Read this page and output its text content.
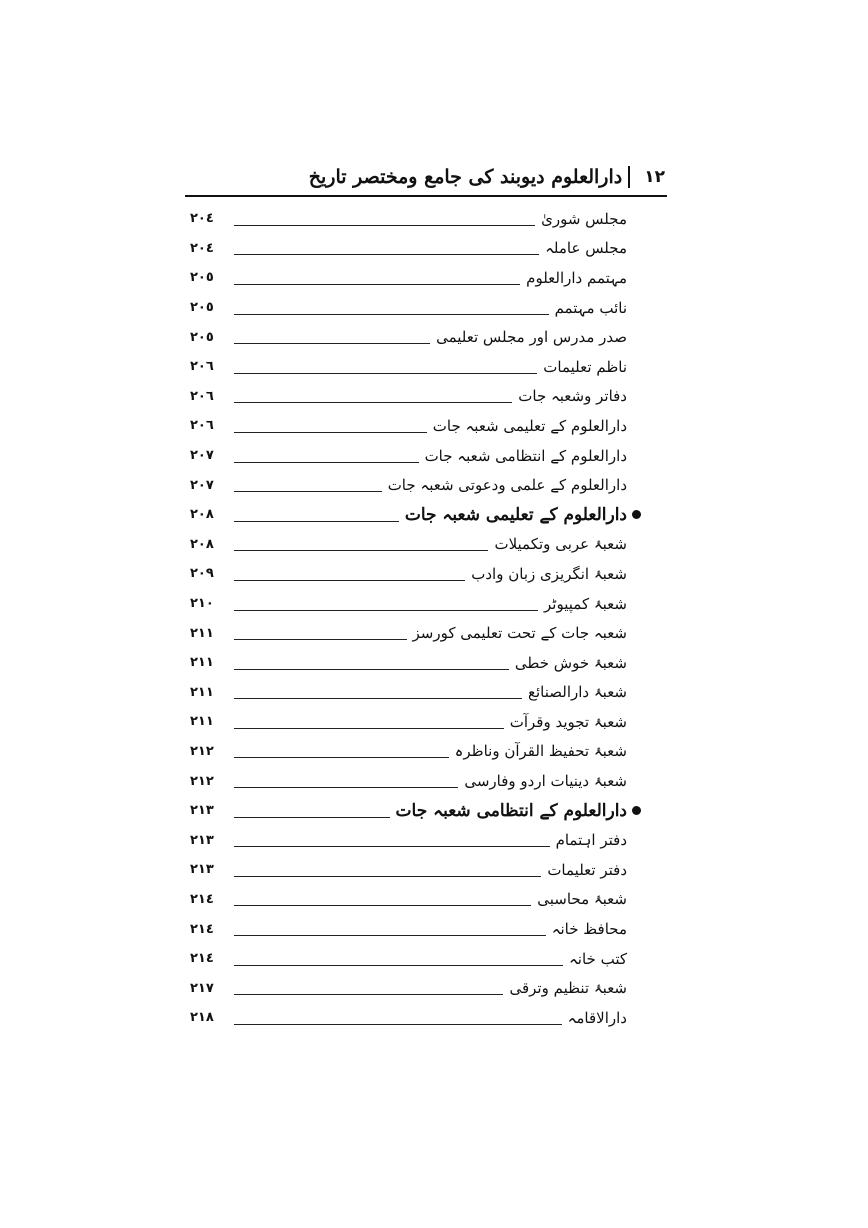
١٢
دارالعلوم دیوبند کی جامع ومختصر تاریخ
مجلس شوریٰ
٢٠٤
مجلس عاملہ
٢٠٤
مہتمم دارالعلوم
٢٠٥
نائب مہتمم
٢٠٥
صدر مدرس اور مجلس تعلیمی
٢٠٥
ناظم تعلیمات
٢٠٦
دفاتر وشعبہ جات
٢٠٦
دارالعلوم کے تعلیمی شعبہ جات
٢٠٦
دارالعلوم کے انتظامی شعبہ جات
٢٠٧
دارالعلوم کے علمی ودعوتی شعبہ جات
٢٠٧
دارالعلوم کے تعلیمی شعبہ جات
٢٠٨
شعبۂ عربی وتکمیلات
٢٠٨
شعبۂ انگریزی زبان وادب
٢٠٩
شعبۂ کمپیوٹر
٢١٠
شعبہ جات کے تحت تعلیمی کورسز
٢١١
شعبۂ خوش خطی
٢١١
شعبۂ دارالصنائع
٢١١
شعبۂ تجوید وقرآت
٢١١
شعبۂ تحفیظ القرآن وناظرہ
٢١٢
شعبۂ دینیات اردو وفارسی
٢١٢
دارالعلوم کے انتظامی شعبہ جات
٢١٣
دفتر اہتمام
٢١٣
دفتر تعلیمات
٢١٣
شعبۂ محاسبی
٢١٤
محافظ خانہ
٢١٤
کتب خانہ
٢١٤
شعبۂ تنظیم وترقی
٢١٧
دارالاقامہ
٢١٨
